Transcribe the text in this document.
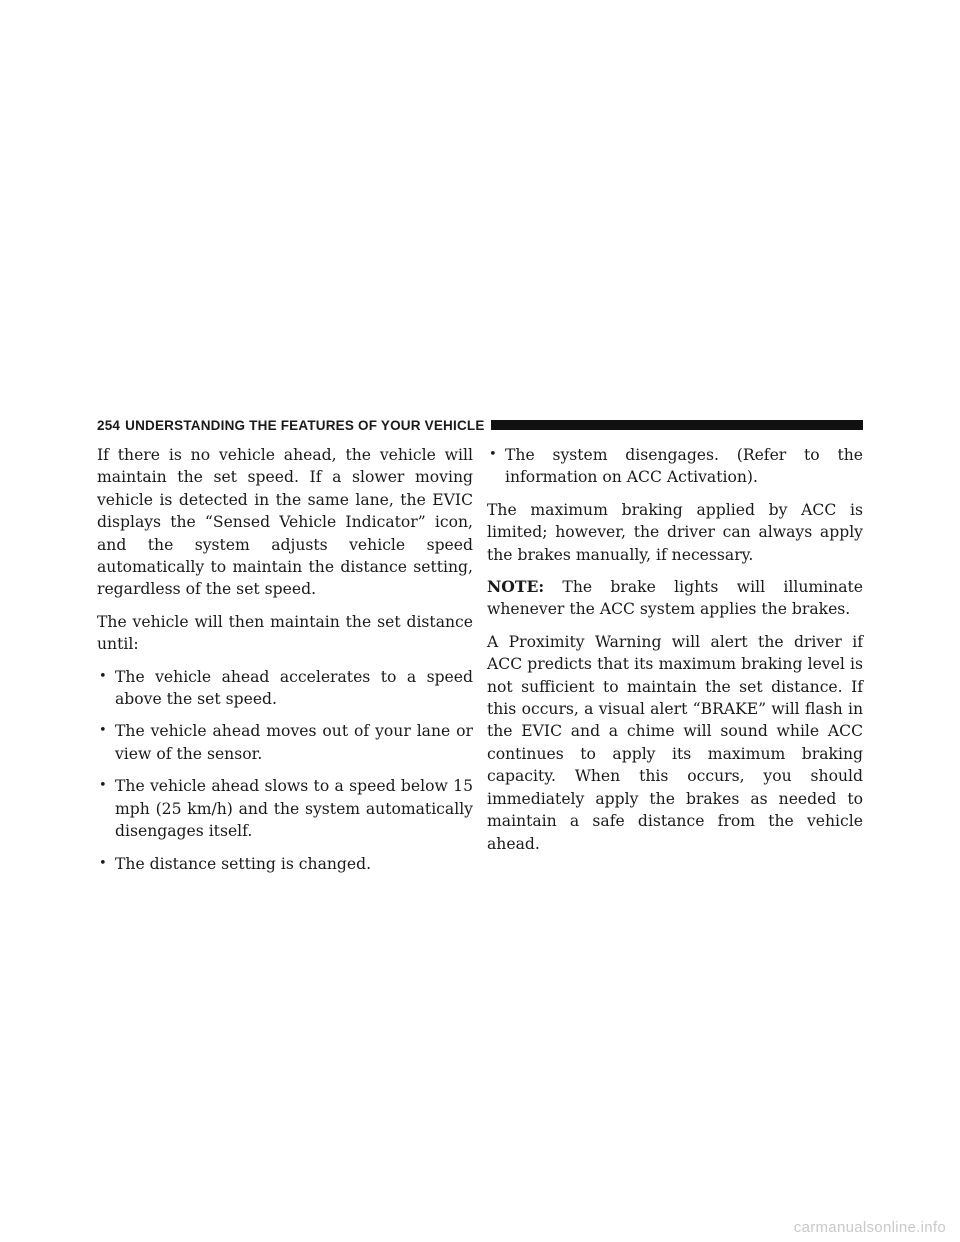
254 UNDERSTANDING THE FEATURES OF YOUR VEHICLE

If there is no vehicle ahead, the vehicle will maintain the set speed. If a slower moving vehicle is detected in the same lane, the EVIC displays the “Sensed Vehicle Indicator” icon, and the system adjusts vehicle speed automatically to maintain the distance setting, regardless of the set speed.

The vehicle will then maintain the set distance until:

• The vehicle ahead accelerates to a speed above the set speed.
• The vehicle ahead moves out of your lane or view of the sensor.
• The vehicle ahead slows to a speed below 15 mph (25 km/h) and the system automatically disengages itself.
• The distance setting is changed.
• The system disengages. (Refer to the information on ACC Activation).

The maximum braking applied by ACC is limited; however, the driver can always apply the brakes manually, if necessary.

NOTE: The brake lights will illuminate whenever the ACC system applies the brakes.

A Proximity Warning will alert the driver if ACC predicts that its maximum braking level is not sufficient to maintain the set distance. If this occurs, a visual alert “BRAKE” will flash in the EVIC and a chime will sound while ACC continues to apply its maximum braking capacity. When this occurs, you should immediately apply the brakes as needed to maintain a safe distance from the vehicle ahead.

carmanualsonline.info
